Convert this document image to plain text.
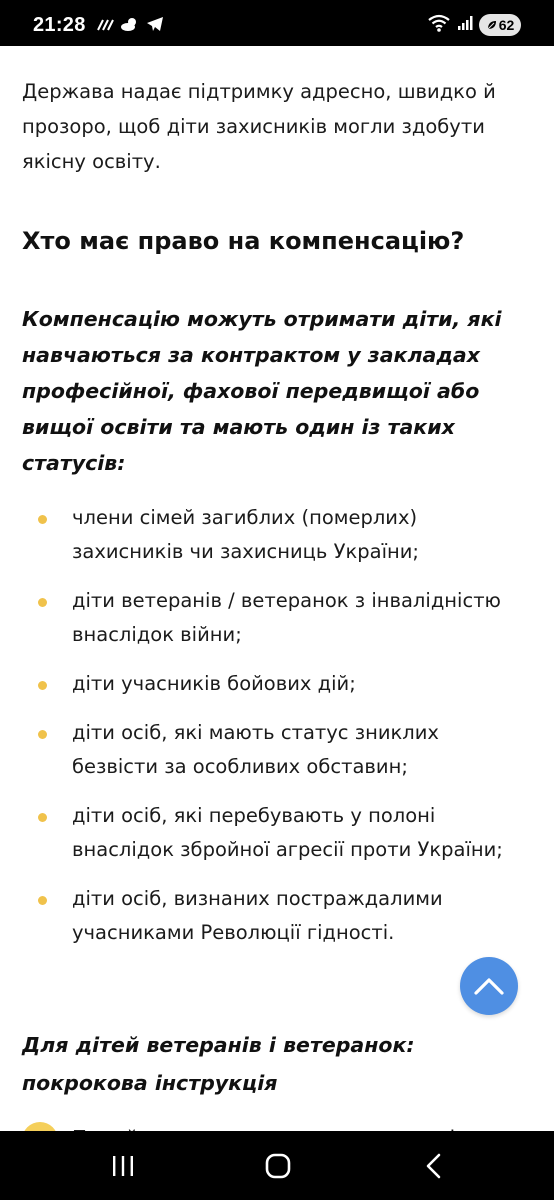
21:28	62

Держава надає підтримку адресно, швидко й прозоро, щоб діти захисників могли здобути якісну освіту.

Хто має право на компенсацію?

Компенсацію можуть отримати діти, які навчаються за контрактом у закладах професійної, фахової передвищої або вищої освіти та мають один із таких статусів:

члени сімей загиблих (померлих) захисників чи захисниць України;
діти ветеранів / ветеранок з інвалідністю внаслідок війни;
діти учасників бойових дій;
діти осіб, які мають статус зниклих безвісти за особливих обставин;
діти осіб, які перебувають у полоні внаслідок збройної агресії проти України;
діти осіб, визнаних постраждалими учасниками Революції гідності.
Для дітей ветеранів і ветеранок: покрокова інструкція
